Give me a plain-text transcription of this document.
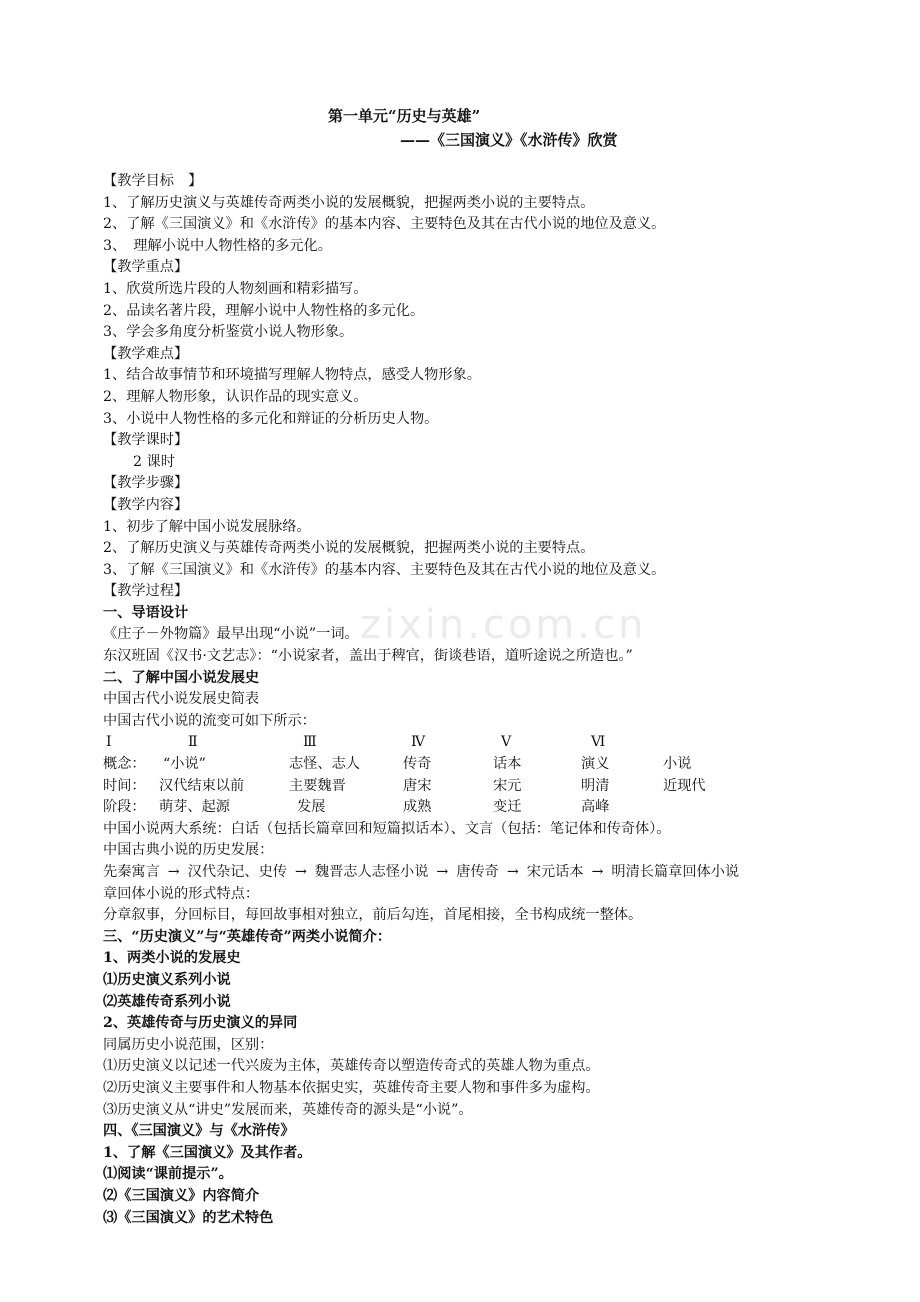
第一单元“历史与英雄”
——《三国演义》《水浒传》欣赏
zixin.com.cn
【教学目标　】
1、了解历史演义与英雄传奇两类小说的发展概貌，把握两类小说的主要特点。
2、了解《三国演义》和《水浒传》的基本内容、主要特色及其在古代小说的地位及意义。
3、　理解小说中人物性格的多元化。
【教学重点】
1、欣赏所选片段的人物刻画和精彩描写。
2、品读名著片段，理解小说中人物性格的多元化。
3、学会多角度分析鉴赏小说人物形象。
【教学难点】
1、结合故事情节和环境描写理解人物特点，感受人物形象。
2、理解人物形象，认识作品的现实意义。
3、小说中人物性格的多元化和辩证的分析历史人物。
【教学课时】
2 课时
【教学步骤】
【教学内容】
1、初步了解中国小说发展脉络。
2、了解历史演义与英雄传奇两类小说的发展概貌，把握两类小说的主要特点。
3、了解《三国演义》和《水浒传》的基本内容、主要特色及其在古代小说的地位及意义。
【教学过程】
一、导语设计
《庄子－外物篇》最早出现“小说”一词。
东汉班固《汉书·文艺志》：“小说家者，盖出于稗官，街谈巷语，道听途说之所造也。”
二、了解中国小说发展史
中国古代小说发展史简表
中国古代小说的流变可如下所示：
Ⅰ	Ⅱ	Ⅲ	Ⅳ	Ⅴ	Ⅵ
概念： “小说”	志怪、志人	传奇	话本	演义	小说
时间： 汉代结束以前	主要魏晋	唐宋	宋元	明清	近现代
阶段： 萌芽、起源	发展	成熟	变迁	高峰
中国小说两大系统：白话（包括长篇章回和短篇拟话本）、文言（包括：笔记体和传奇体）。
中国古典小说的历史发展：
先秦寓言 → 汉代杂记、史传 → 魏晋志人志怪小说 → 唐传奇 → 宋元话本 → 明清长篇章回体小说
章回体小说的形式特点：
分章叙事，分回标目，每回故事相对独立，前后勾连，首尾相接，全书构成统一整体。
三、“历史演义”与“英雄传奇”两类小说简介：
1、两类小说的发展史
⑴历史演义系列小说
⑵英雄传奇系列小说
2、英雄传奇与历史演义的异同
同属历史小说范围，区别：
⑴历史演义以记述一代兴废为主体，英雄传奇以塑造传奇式的英雄人物为重点。
⑵历史演义主要事件和人物基本依据史实，英雄传奇主要人物和事件多为虚构。
⑶历史演义从“讲史”发展而来，英雄传奇的源头是“小说”。
四、《三国演义》与《水浒传》
1、了解《三国演义》及其作者。
⑴阅读“课前提示”。
⑵《三国演义》内容简介
⑶《三国演义》的艺术特色
